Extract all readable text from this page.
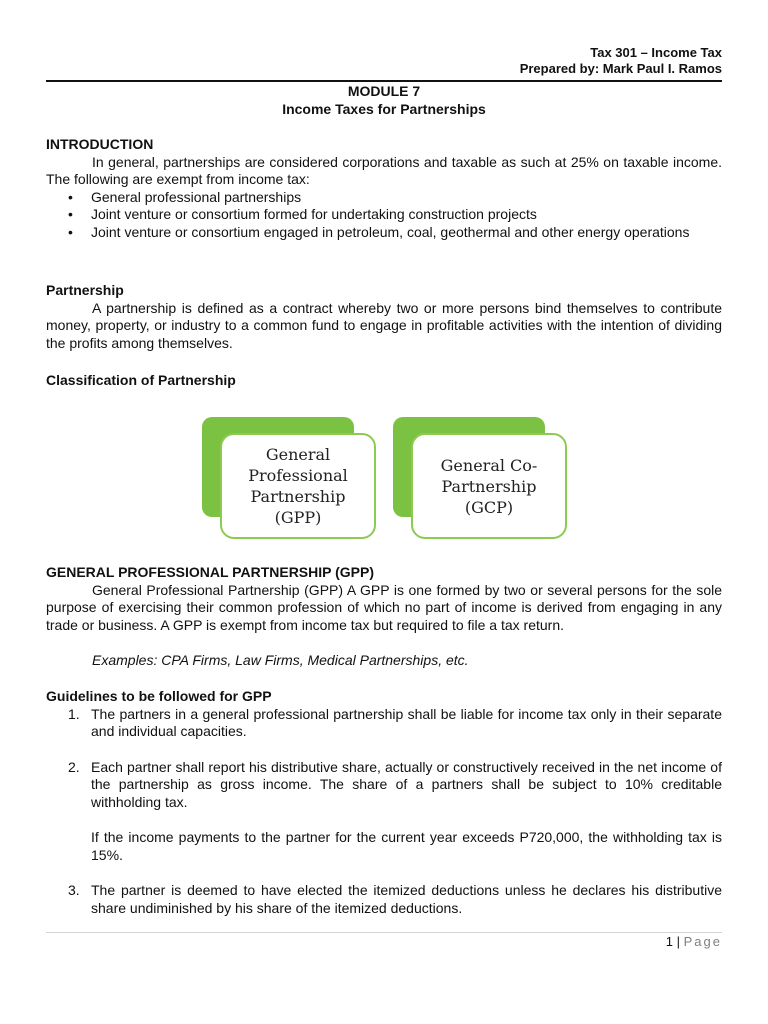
Tax 301 – Income Tax
Prepared by: Mark Paul I. Ramos
MODULE 7
Income Taxes for Partnerships
INTRODUCTION

In general, partnerships are considered corporations and taxable as such at 25% on taxable income. The following are exempt from income tax:

• General professional partnerships
• Joint venture or consortium formed for undertaking construction projects
• Joint venture or consortium engaged in petroleum, coal, geothermal and other energy operations
Partnership

A partnership is defined as a contract whereby two or more persons bind themselves to contribute money, property, or industry to a common fund to engage in profitable activities with the intention of dividing the profits among themselves.

Classification of Partnership
General
Professional
Partnership
(GPP)
General Co-
Partnership
(GCP)
GENERAL PROFESSIONAL PARTNERSHIP (GPP)

General Professional Partnership (GPP) A GPP is one formed by two or several persons for the sole purpose of exercising their common profession of which no part of income is derived from engaging in any trade or business. A GPP is exempt from income tax but required to file a tax return.

Examples: CPA Firms, Law Firms, Medical Partnerships, etc.
Guidelines to be followed for GPP
1. The partners in a general professional partnership shall be liable for income tax only in their separate and individual capacities.
2. Each partner shall report his distributive share, actually or constructively received in the net income of the partnership as gross income. The share of a partners shall be subject to 10% creditable withholding tax.
If the income payments to the partner for the current year exceeds P720,000, the withholding tax is 15%.
3. The partner is deemed to have elected the itemized deductions unless he declares his distributive share undiminished by his share of the itemized deductions.
1 | Page
